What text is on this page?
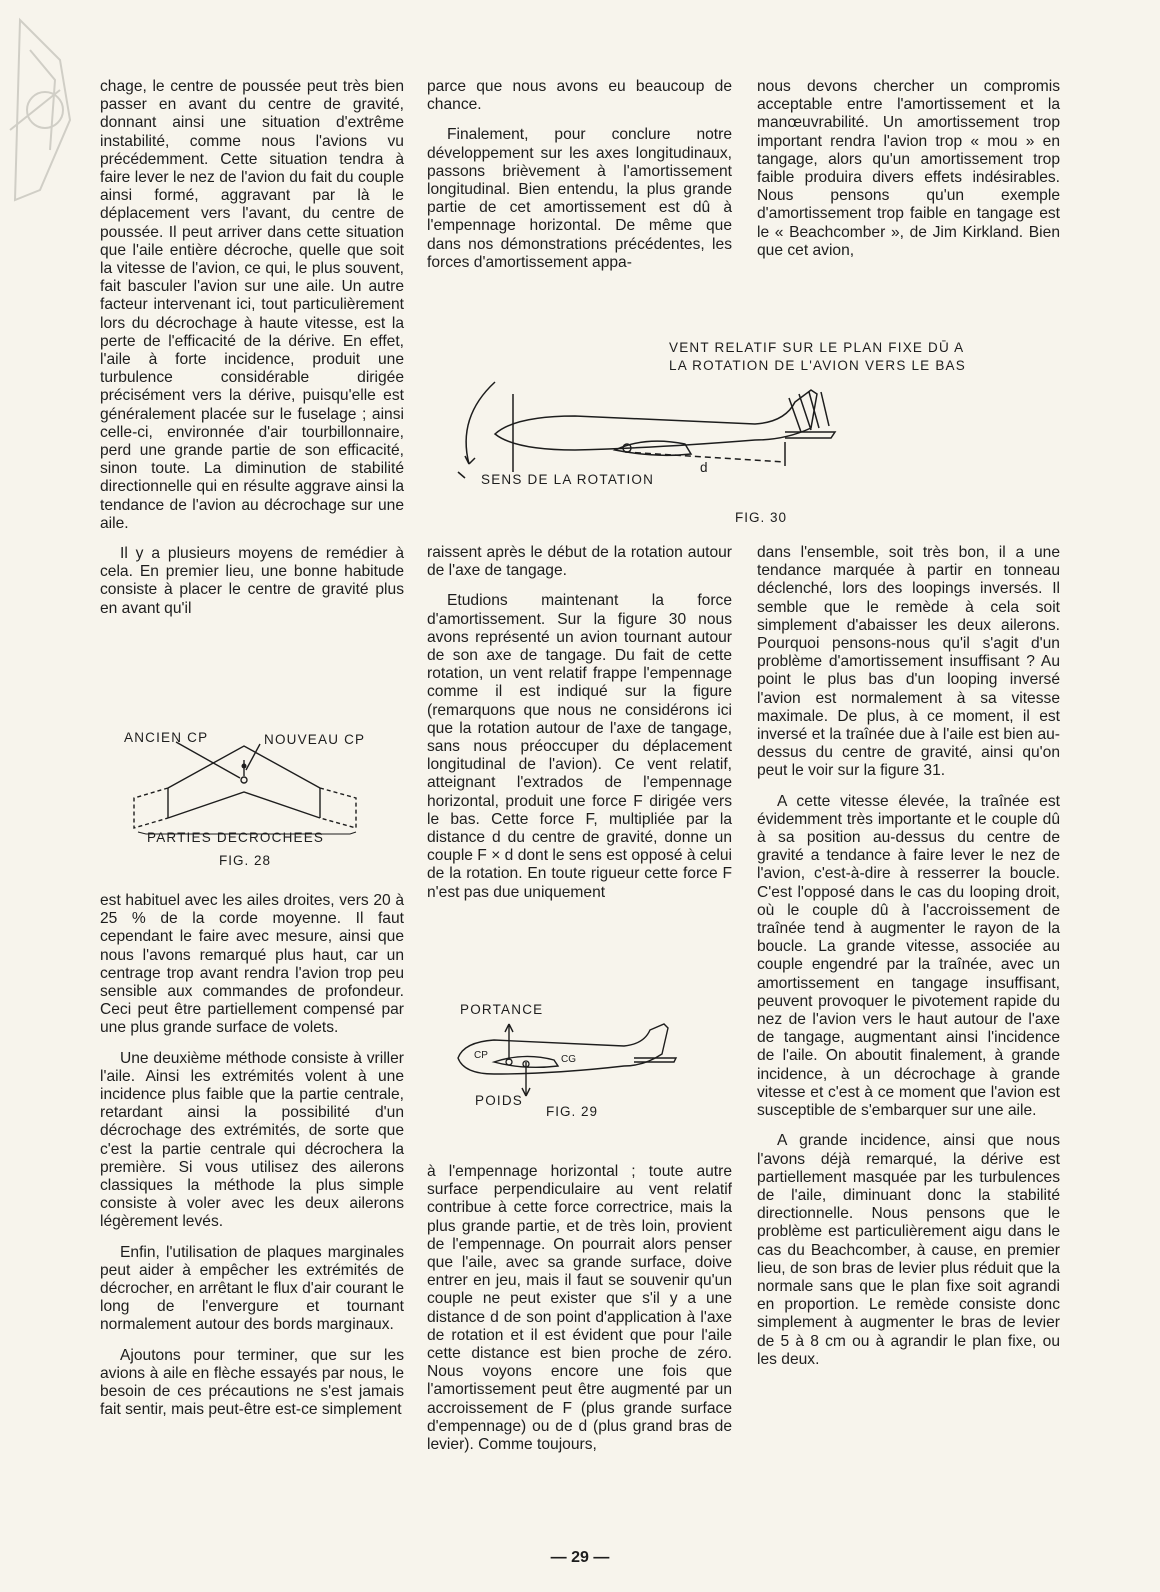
chage, le centre de poussée peut très bien passer en avant du centre de gravité, donnant ainsi une situation d'extrême instabilité, comme nous l'avions vu précédemment. Cette situation tendra à faire lever le nez de l'avion du fait du couple ainsi formé, aggravant par là le déplacement vers l'avant, du centre de poussée. Il peut arriver dans cette situation que l'aile entière décroche, quelle que soit la vitesse de l'avion, ce qui, le plus souvent, fait basculer l'avion sur une aile. Un autre facteur intervenant ici, tout particulièrement lors du décrochage à haute vitesse, est la perte de l'efficacité de la dérive. En effet, l'aile à forte incidence, produit une turbulence considérable dirigée précisément vers la dérive, puisqu'elle est généralement placée sur le fuselage ; ainsi celle-ci, environnée d'air tourbillonnaire, perd une grande partie de son efficacité, sinon toute. La diminution de stabilité directionnelle qui en résulte aggrave ainsi la tendance de l'avion au décrochage sur une aile.

Il y a plusieurs moyens de remédier à cela. En premier lieu, une bonne habitude consiste à placer le centre de gravité plus en avant qu'il

ANCIEN CP	NOUVEAU CP
PARTIES DECROCHEES
FIG. 28

est habituel avec les ailes droites, vers 20 à 25 % de la corde moyenne. Il faut cependant le faire avec mesure, ainsi que nous l'avons remarqué plus haut, car un centrage trop avant rendra l'avion trop peu sensible aux commandes de profondeur. Ceci peut être partiellement compensé par une plus grande surface de volets.

Une deuxième méthode consiste à vriller l'aile. Ainsi les extrémités volent à une incidence plus faible que la partie centrale, retardant ainsi la possibilité d'un décrochage des extrémités, de sorte que c'est la partie centrale qui décrochera la première. Si vous utilisez des ailerons classiques la méthode la plus simple consiste à voler avec les deux ailerons légèrement levés.

Enfin, l'utilisation de plaques marginales peut aider à empêcher les extrémités de décrocher, en arrêtant le flux d'air courant le long de l'envergure et tournant normalement autour des bords marginaux.

Ajoutons pour terminer, que sur les avions à aile en flèche essayés par nous, le besoin de ces précautions ne s'est jamais fait sentir, mais peut-être est-ce simplement

parce que nous avons eu beaucoup de chance.

Finalement, pour conclure notre développement sur les axes longitudinaux, passons brièvement à l'amortissement longitudinal. Bien entendu, la plus grande partie de cet amortissement est dû à l'empennage horizontal. De même que dans nos démonstrations précédentes, les forces d'amortissement appa-

nous devons chercher un compromis acceptable entre l'amortissement et la manœuvrabilité. Un amortissement trop important rendra l'avion trop « mou » en tangage, alors qu'un amortissement trop faible produira divers effets indésirables. Nous pensons qu'un exemple d'amortissement trop faible en tangage est le « Beachcomber », de Jim Kirkland. Bien que cet avion,

VENT RELATIF SUR LE PLAN FIXE DŪ A
LA ROTATION DE L'AVION VERS LE BAS
d
SENS DE LA ROTATION
FIG. 30

raissent après le début de la rotation autour de l'axe de tangage.

Etudions maintenant la force d'amortissement. Sur la figure 30 nous avons représenté un avion tournant autour de son axe de tangage. Du fait de cette rotation, un vent relatif frappe l'empennage comme il est indiqué sur la figure (remarquons que nous ne considérons ici que la rotation autour de l'axe de tangage, sans nous préoccuper du déplacement longitudinal de l'avion). Ce vent relatif, atteignant l'extrados de l'empennage horizontal, produit une force F dirigée vers le bas. Cette force F, multipliée par la distance d du centre de gravité, donne un couple F × d dont le sens est opposé à celui de la rotation. En toute rigueur cette force F n'est pas due uniquement

PORTANCE
CP	CG
POIDS
FIG. 29

à l'empennage horizontal ; toute autre surface perpendiculaire au vent relatif contribue à cette force correctrice, mais la plus grande partie, et de très loin, provient de l'empennage. On pourrait alors penser que l'aile, avec sa grande surface, doive entrer en jeu, mais il faut se souvenir qu'un couple ne peut exister que s'il y a une distance d de son point d'application à l'axe de rotation et il est évident que pour l'aile cette distance est bien proche de zéro. Nous voyons encore une fois que l'amortissement peut être augmenté par un accroissement de F (plus grande surface d'empennage) ou de d (plus grand bras de levier). Comme toujours,

dans l'ensemble, soit très bon, il a une tendance marquée à partir en tonneau déclenché, lors des loopings inversés. Il semble que le remède à cela soit simplement d'abaisser les deux ailerons. Pourquoi pensons-nous qu'il s'agit d'un problème d'amortissement insuffisant ? Au point le plus bas d'un looping inversé l'avion est normalement à sa vitesse maximale. De plus, à ce moment, il est inversé et la traînée due à l'aile est bien au-dessus du centre de gravité, ainsi qu'on peut le voir sur la figure 31.

A cette vitesse élevée, la traînée est évidemment très importante et le couple dû à sa position au-dessus du centre de gravité a tendance à faire lever le nez de l'avion, c'est-à-dire à resserrer la boucle. C'est l'opposé dans le cas du looping droit, où le couple dû à l'accroissement de traînée tend à augmenter le rayon de la boucle. La grande vitesse, associée au couple engendré par la traînée, avec un amortissement en tangage insuffisant, peuvent provoquer le pivotement rapide du nez de l'avion vers le haut autour de l'axe de tangage, augmentant ainsi l'incidence de l'aile. On aboutit finalement, à grande incidence, à un décrochage à grande vitesse et c'est à ce moment que l'avion est susceptible de s'embarquer sur une aile.

A grande incidence, ainsi que nous l'avons déjà remarqué, la dérive est partiellement masquée par les turbulences de l'aile, diminuant donc la stabilité directionnelle. Nous pensons que le problème est particulièrement aigu dans le cas du Beachcomber, à cause, en premier lieu, de son bras de levier plus réduit que la normale sans que le plan fixe soit agrandi en proportion. Le remède consiste donc simplement à augmenter le bras de levier de 5 à 8 cm ou à agrandir le plan fixe, ou les deux.

— 29 —
